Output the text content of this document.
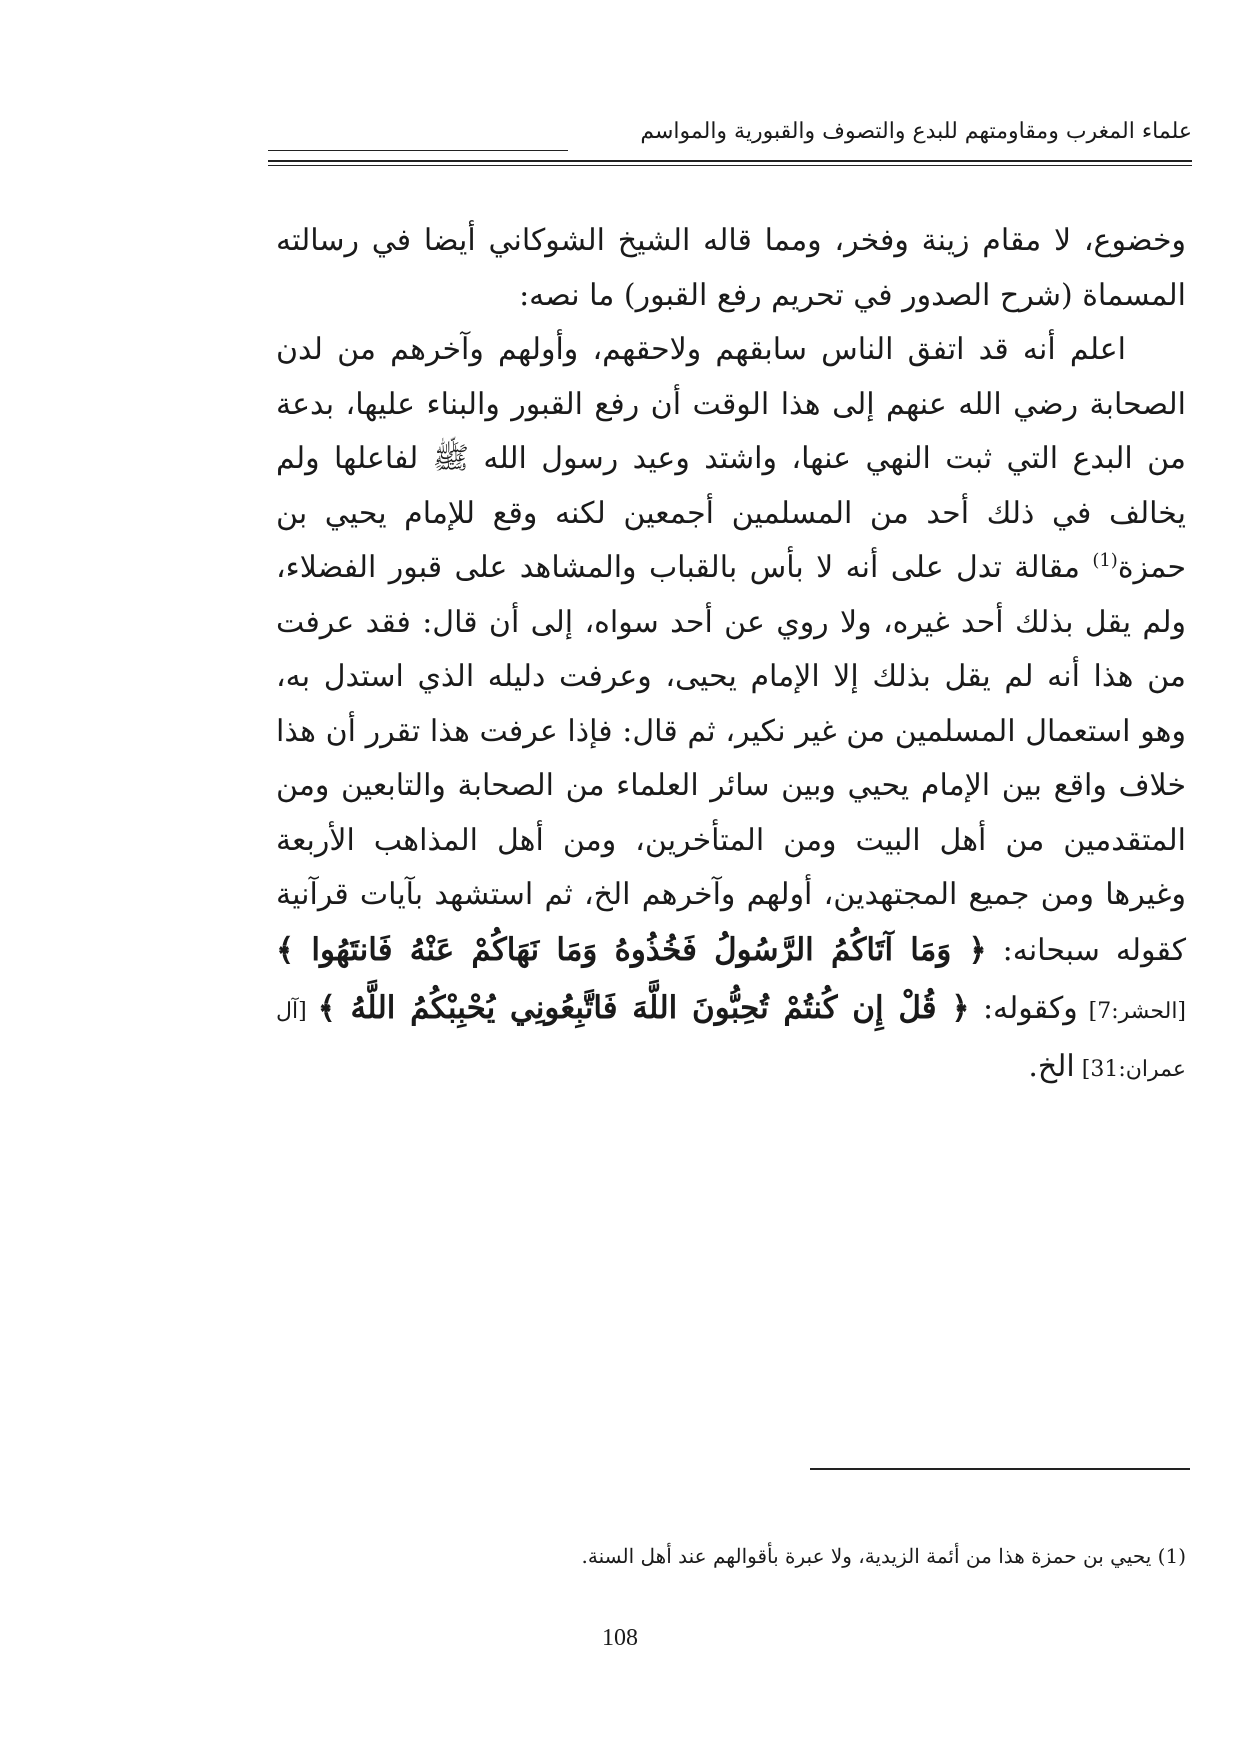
علماء المغرب ومقاومتهم للبدع والتصوف والقبورية والمواسم

وخضوع، لا مقام زينة وفخر، ومما قاله الشيخ الشوكاني أيضا في رسالته المسماة (شرح الصدور في تحريم رفع القبور) ما نصه:

اعلم أنه قد اتفق الناس سابقهم ولاحقهم، وأولهم وآخرهم من لدن الصحابة رضي الله عنهم إلى هذا الوقت أن رفع القبور والبناء عليها، بدعة من البدع التي ثبت النهي عنها، واشتد وعيد رسول الله ﷺ لفاعلها ولم يخالف في ذلك أحد من المسلمين أجمعين لكنه وقع للإمام يحيي بن حمزة$^{(1)}$ مقالة تدل على أنه لا بأس بالقباب والمشاهد على قبور الفضلاء، ولم يقل بذلك أحد غيره، ولا روي عن أحد سواه، إلى أن قال: فقد عرفت من هذا أنه لم يقل بذلك إلا الإمام يحيى، وعرفت دليله الذي استدل به، وهو استعمال المسلمين من غير نكير، ثم قال: فإذا عرفت هذا تقرر أن هذا خلاف واقع بين الإمام يحيي وبين سائر العلماء من الصحابة والتابعين ومن المتقدمين من أهل البيت ومن المتأخرين، ومن أهل المذاهب الأربعة وغيرها ومن جميع المجتهدين، أولهم وآخرهم الخ، ثم استشهد بآيات قرآنية كقوله سبحانه: ﴿ وَمَا آتَاكُمُ الرَّسُولُ فَخُذُوهُ وَمَا نَهَاكُمْ عَنْهُ فَانتَهُوا ﴾ [الحشر:7] وكقوله: ﴿ قُلْ إِن كُنتُمْ تُحِبُّونَ اللَّهَ فَاتَّبِعُونِي يُحْبِبْكُمُ اللَّهُ ﴾ [آل عمران:31] الخ.

(1) يحيي بن حمزة هذا من أئمة الزيدية، ولا عبرة بأقوالهم عند أهل السنة.

108
